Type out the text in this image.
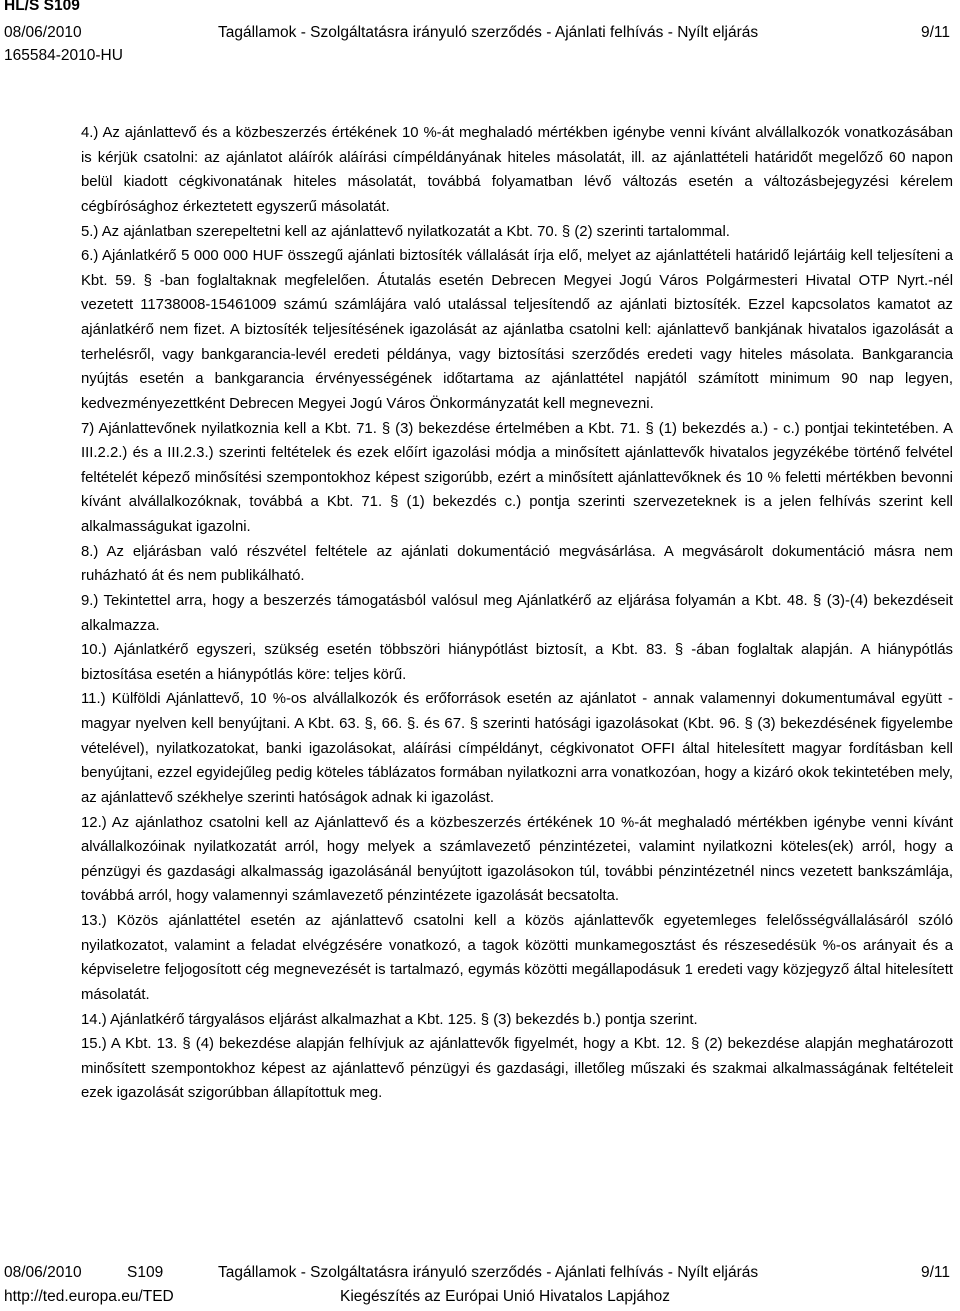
HL/S S109
08/06/2010	Tagállamok - Szolgáltatásra irányuló szerződés - Ajánlati felhívás - Nyílt eljárás	9/11
165584-2010-HU

4.) Az ajánlattevő és a közbeszerzés értékének 10 %-át meghaladó mértékben igénybe venni kívánt alvállalkozók vonatkozásában is kérjük csatolni: az ajánlatot aláírók aláírási címpéldányának hiteles másolatát, ill. az ajánlattételi határidőt megelőző 60 napon belül kiadott cégkivonatának hiteles másolatát, továbbá folyamatban lévő változás esetén a változásbejegyzési kérelem cégbírósághoz érkeztetett egyszerű másolatát.

5.) Az ajánlatban szerepeltetni kell az ajánlattevő nyilatkozatát a Kbt. 70. § (2) szerinti tartalommal.

6.) Ajánlatkérő 5 000 000 HUF összegű ajánlati biztosíték vállalását írja elő, melyet az ajánlattételi határidő lejártáig kell teljesíteni a Kbt. 59. § -ban foglaltaknak megfelelően. Átutalás esetén Debrecen Megyei Jogú Város Polgármesteri Hivatal OTP Nyrt.-nél vezetett 11738008-15461009 számú számlájára való utalással teljesítendő az ajánlati biztosíték. Ezzel kapcsolatos kamatot az ajánlatkérő nem fizet. A biztosíték teljesítésének igazolását az ajánlatba csatolni kell: ajánlattevő bankjának hivatalos igazolását a terhelésről, vagy bankgarancia-levél eredeti példánya, vagy biztosítási szerződés eredeti vagy hiteles másolata. Bankgarancia nyújtás esetén a bankgarancia érvényességének időtartama az ajánlattétel napjától számított minimum 90 nap legyen, kedvezményezettként Debrecen Megyei Jogú Város Önkormányzatát kell megnevezni.

7) Ajánlattevőnek nyilatkoznia kell a Kbt. 71. § (3) bekezdése értelmében a Kbt. 71. § (1) bekezdés a.) - c.) pontjai tekintetében. A III.2.2.) és a III.2.3.) szerinti feltételek és ezek előírt igazolási módja a minősített ajánlattevők hivatalos jegyzékébe történő felvétel feltételét képező minősítési szempontokhoz képest szigorúbb, ezért a minősített ajánlattevőknek és 10 % feletti mértékben bevonni kívánt alvállalkozóknak, továbbá a Kbt. 71. § (1) bekezdés c.) pontja szerinti szervezeteknek is a jelen felhívás szerint kell alkalmasságukat igazolni.

8.) Az eljárásban való részvétel feltétele az ajánlati dokumentáció megvásárlása. A megvásárolt dokumentáció másra nem ruházható át és nem publikálható.

9.) Tekintettel arra, hogy a beszerzés támogatásból valósul meg Ajánlatkérő az eljárása folyamán a Kbt. 48. § (3)-(4) bekezdéseit alkalmazza.

10.) Ajánlatkérő egyszeri, szükség esetén többszöri hiánypótlást biztosít, a Kbt. 83. § -ában foglaltak alapján. A hiánypótlás biztosítása esetén a hiánypótlás köre: teljes körű.

11.) Külföldi Ajánlattevő, 10 %-os alvállalkozók és erőforrások esetén az ajánlatot - annak valamennyi dokumentumával együtt - magyar nyelven kell benyújtani. A Kbt. 63. §, 66. §. és 67. § szerinti hatósági igazolásokat (Kbt. 96. § (3) bekezdésének figyelembe vételével), nyilatkozatokat, banki igazolásokat, aláírási címpéldányt, cégkivonatot OFFI által hitelesített magyar fordításban kell benyújtani, ezzel egyidejűleg pedig köteles táblázatos formában nyilatkozni arra vonatkozóan, hogy a kizáró okok tekintetében mely, az ajánlattevő székhelye szerinti hatóságok adnak ki igazolást.

12.) Az ajánlathoz csatolni kell az Ajánlattevő és a közbeszerzés értékének 10 %-át meghaladó mértékben igénybe venni kívánt alvállalkozóinak nyilatkozatát arról, hogy melyek a számlavezető pénzintézetei, valamint nyilatkozni köteles(ek) arról, hogy a pénzügyi és gazdasági alkalmasság igazolásánál benyújtott igazolásokon túl, további pénzintézetnél nincs vezetett bankszámlája, továbbá arról, hogy valamennyi számlavezető pénzintézete igazolását becsatolta.

13.) Közös ajánlattétel esetén az ajánlattevő csatolni kell a közös ajánlattevők egyetemleges felelősségvállalásáról szóló nyilatkozatot, valamint a feladat elvégzésére vonatkozó, a tagok közötti munkamegosztást és részesedésük %-os arányait és a képviseletre feljogosított cég megnevezését is tartalmazó, egymás közötti megállapodásuk 1 eredeti vagy közjegyző által hitelesített másolatát.

14.) Ajánlatkérő tárgyalásos eljárást alkalmazhat a Kbt. 125. § (3) bekezdés b.) pontja szerint.

15.) A Kbt. 13. § (4) bekezdése alapján felhívjuk az ajánlattevők figyelmét, hogy a Kbt. 12. § (2) bekezdése alapján meghatározott minősített szempontokhoz képest az ajánlattevő pénzügyi és gazdasági, illetőleg műszaki és szakmai alkalmasságának feltételeit ezek igazolását szigorúbban állapítottuk meg.

08/06/2010	S109	Tagállamok - Szolgáltatásra irányuló szerződés - Ajánlati felhívás - Nyílt eljárás	9/11
http://ted.europa.eu/TED	Kiegészítés az Európai Unió Hivatalos Lapjához
